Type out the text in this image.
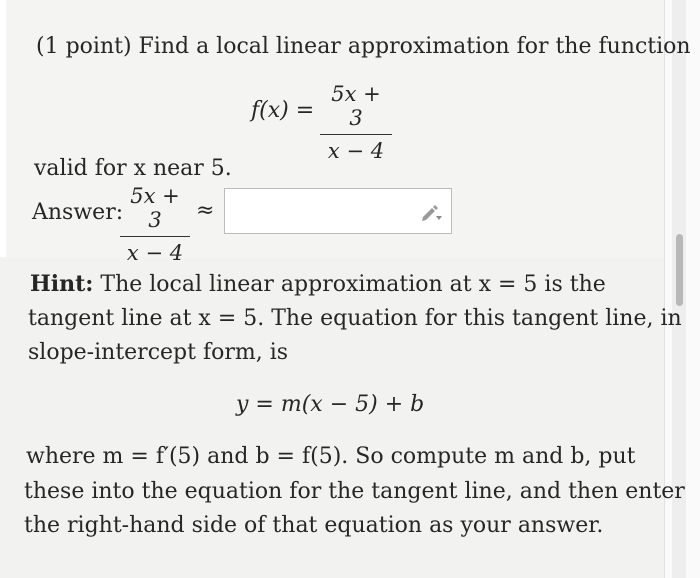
(1 point) Find a local linear approximation for the function
f(x) =
5x + 3
x − 4
valid for x near 5.
Answer:
5x + 3
x − 4
≈
Hint: The local linear approximation at x = 5 is the
tangent line at x = 5. The equation for this tangent line, in
slope-intercept form, is
y = m(x − 5) + b
where m = f′(5) and b = f(5). So compute m and b, put
these into the equation for the tangent line, and then enter
the right-hand side of that equation as your answer.
